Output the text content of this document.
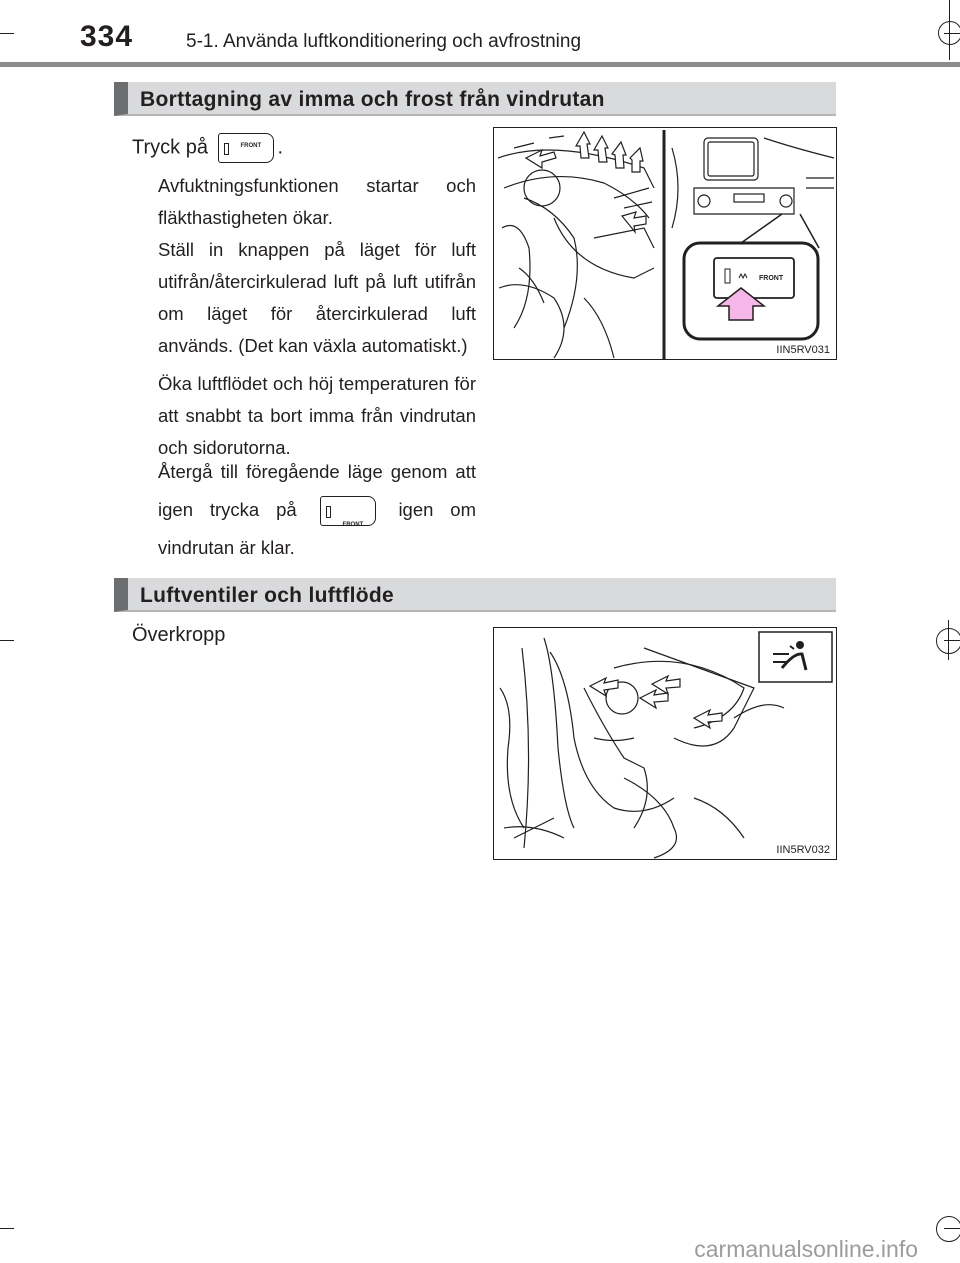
334	5-1. Använda luftkonditionering och avfrostning
Borttagning av imma och frost från vindrutan
Tryck på	FRONT .
Avfuktningsfunktionen startar och fläkthastigheten ökar.
Ställ in knappen på läget för luft utifrån/återcirkulerad luft på luft utifrån om läget för återcirkulerad luft används. (Det kan växla automatiskt.)
Öka luftflödet och höj temperaturen för att snabbt ta bort imma från vindrutan och sidorutorna.
Återgå till föregående läge genom att igen trycka på
FRONT
igen om vindrutan är klar.
IIN5RV031
FRONT
Luftventiler och luftflöde
Överkropp
IIN5RV032
carmanualsonline.info
